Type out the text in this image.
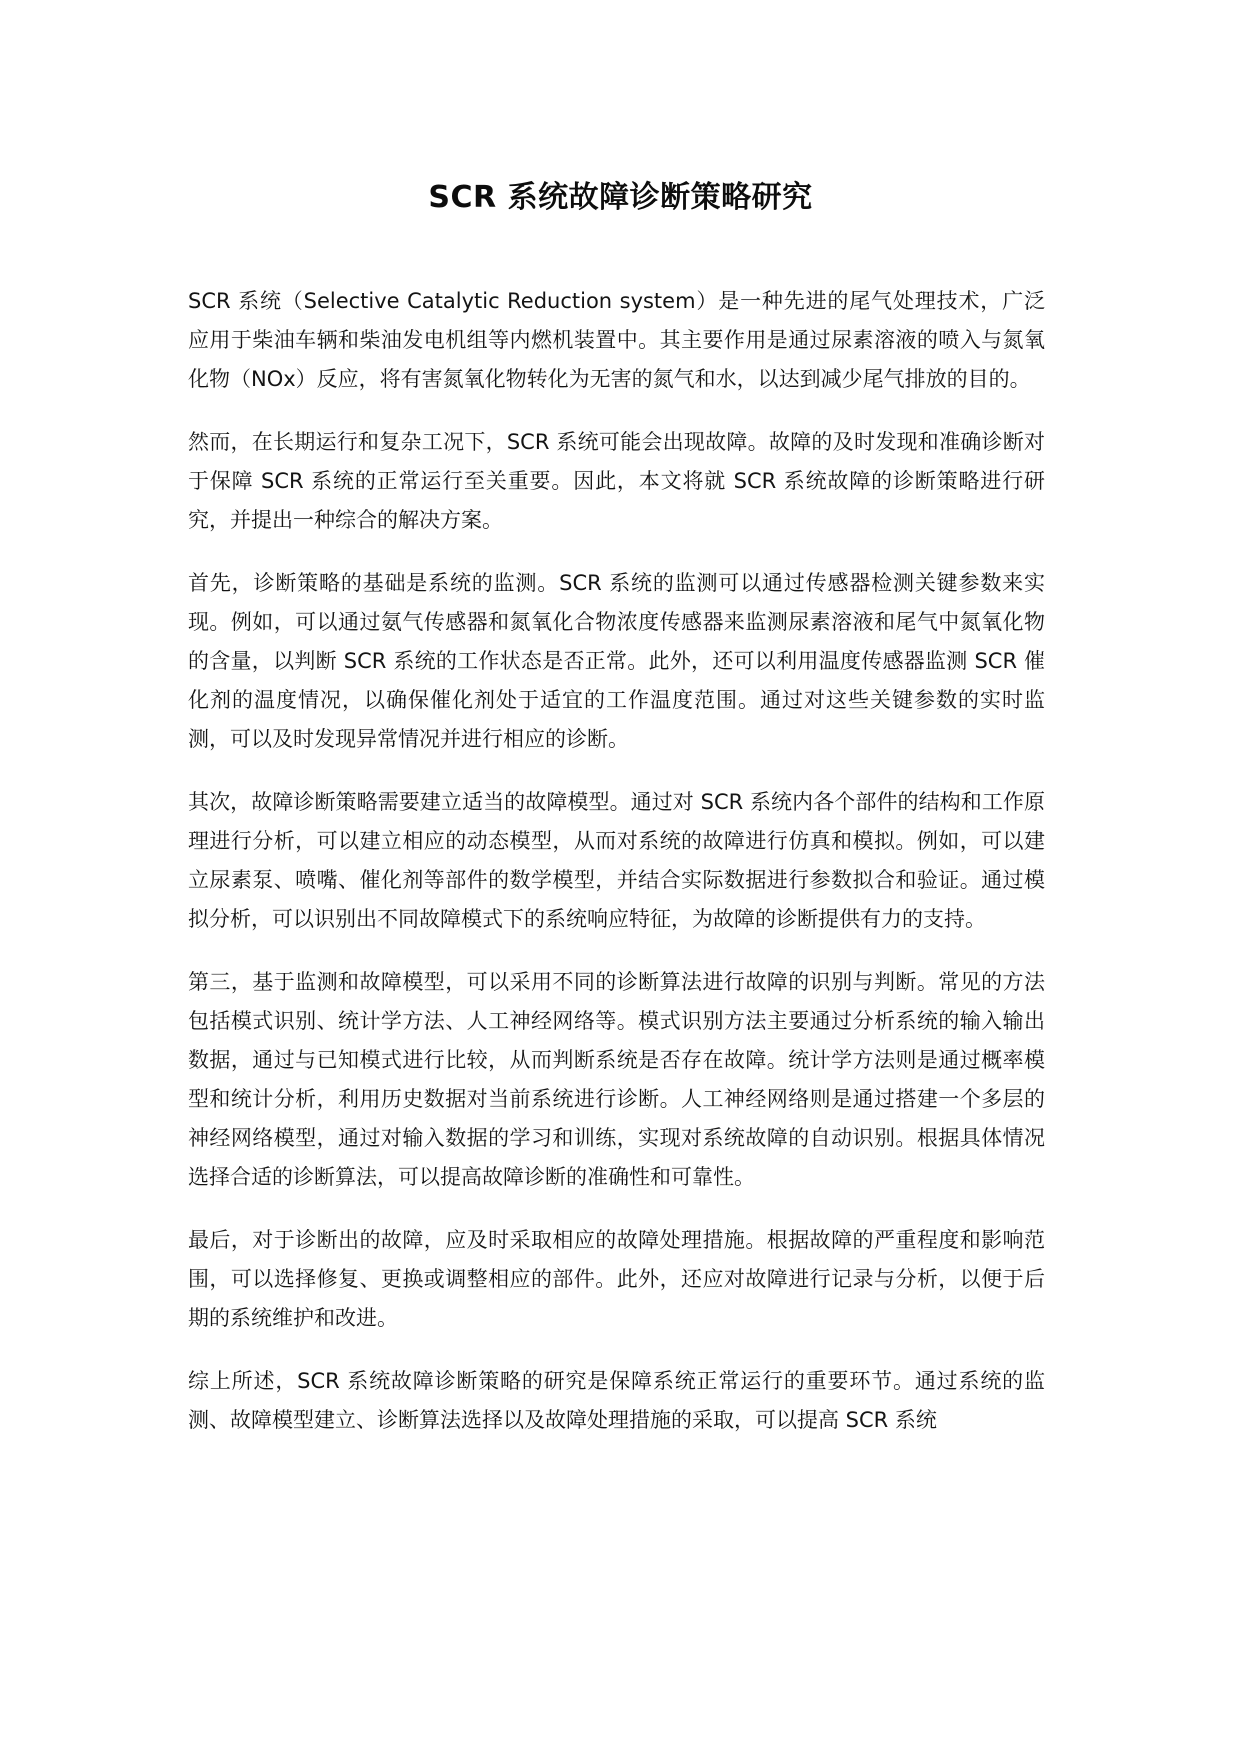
SCR 系统故障诊断策略研究

SCR 系统（Selective Catalytic Reduction system）是一种先进的尾气处理技术，广泛应用于柴油车辆和柴油发电机组等内燃机装置中。其主要作用是通过尿素溶液的喷入与氮氧化物（NOx）反应，将有害氮氧化物转化为无害的氮气和水，以达到减少尾气排放的目的。

然而，在长期运行和复杂工况下，SCR 系统可能会出现故障。故障的及时发现和准确诊断对于保障 SCR 系统的正常运行至关重要。因此，本文将就 SCR 系统故障的诊断策略进行研究，并提出一种综合的解决方案。

首先，诊断策略的基础是系统的监测。SCR 系统的监测可以通过传感器检测关键参数来实现。例如，可以通过氨气传感器和氮氧化合物浓度传感器来监测尿素溶液和尾气中氮氧化物的含量，以判断 SCR 系统的工作状态是否正常。此外，还可以利用温度传感器监测 SCR 催化剂的温度情况，以确保催化剂处于适宜的工作温度范围。通过对这些关键参数的实时监测，可以及时发现异常情况并进行相应的诊断。

其次，故障诊断策略需要建立适当的故障模型。通过对 SCR 系统内各个部件的结构和工作原理进行分析，可以建立相应的动态模型，从而对系统的故障进行仿真和模拟。例如，可以建立尿素泵、喷嘴、催化剂等部件的数学模型，并结合实际数据进行参数拟合和验证。通过模拟分析，可以识别出不同故障模式下的系统响应特征，为故障的诊断提供有力的支持。

第三，基于监测和故障模型，可以采用不同的诊断算法进行故障的识别与判断。常见的方法包括模式识别、统计学方法、人工神经网络等。模式识别方法主要通过分析系统的输入输出数据，通过与已知模式进行比较，从而判断系统是否存在故障。统计学方法则是通过概率模型和统计分析，利用历史数据对当前系统进行诊断。人工神经网络则是通过搭建一个多层的神经网络模型，通过对输入数据的学习和训练，实现对系统故障的自动识别。根据具体情况选择合适的诊断算法，可以提高故障诊断的准确性和可靠性。

最后，对于诊断出的故障，应及时采取相应的故障处理措施。根据故障的严重程度和影响范围，可以选择修复、更换或调整相应的部件。此外，还应对故障进行记录与分析，以便于后期的系统维护和改进。

综上所述，SCR 系统故障诊断策略的研究是保障系统正常运行的重要环节。通过系统的监测、故障模型建立、诊断算法选择以及故障处理措施的采取，可以提高 SCR 系统
